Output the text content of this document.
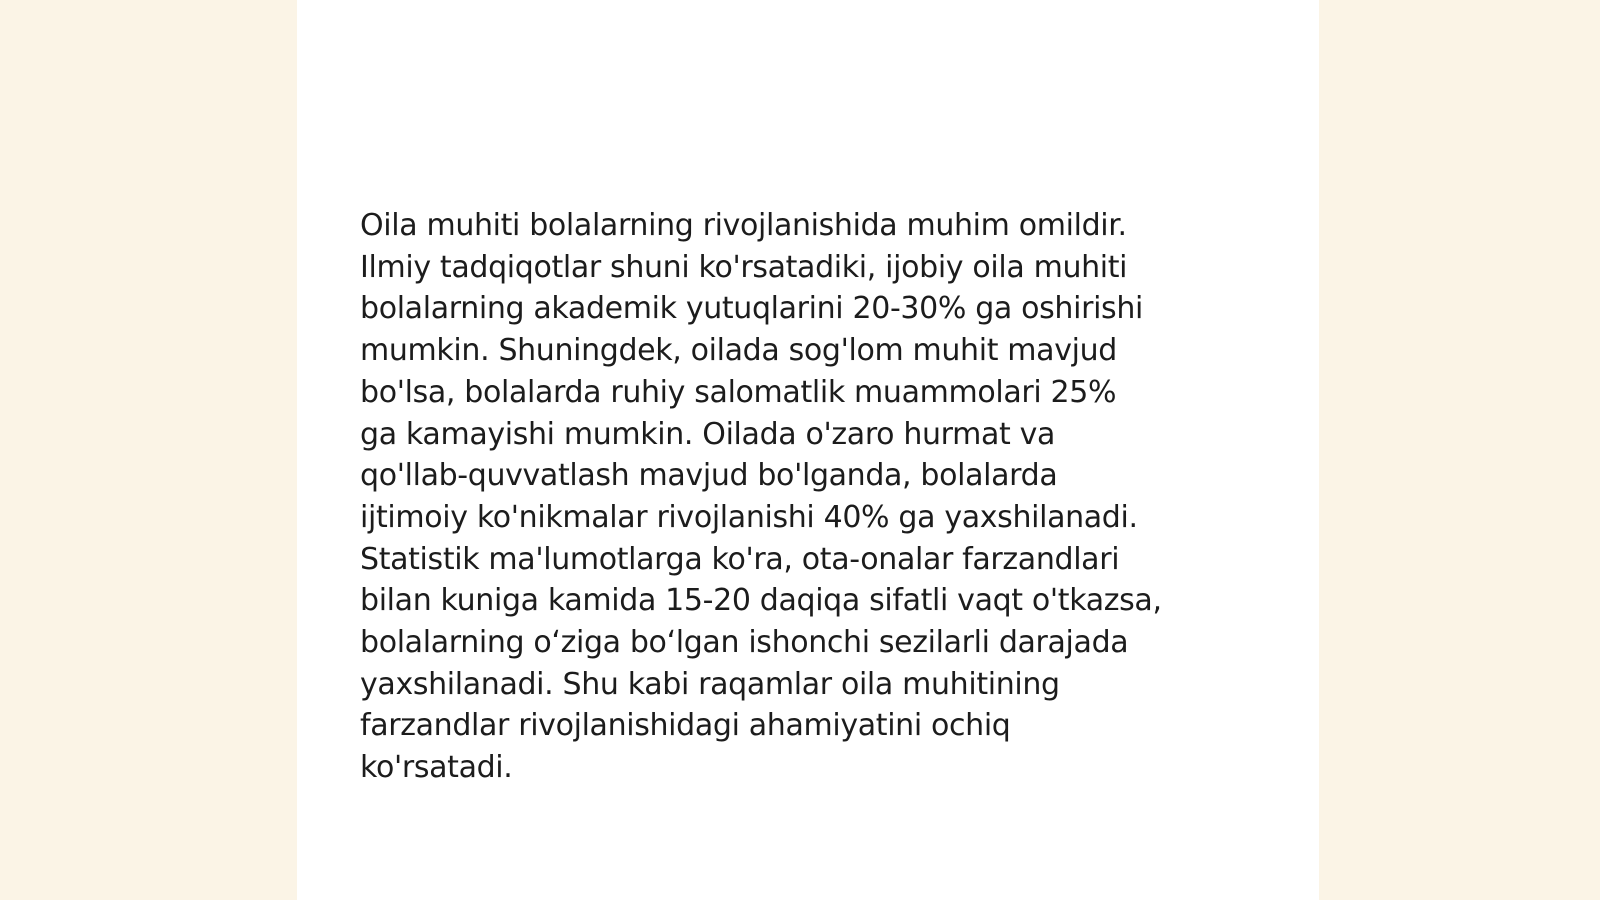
Oila muhiti bolalarning rivojlanishida muhim omildir.
Ilmiy tadqiqotlar shuni ko'rsatadiki, ijobiy oila muhiti
bolalarning akademik yutuqlarini 20-30% ga oshirishi
mumkin. Shuningdek, oilada sog'lom muhit mavjud
bo'lsa, bolalarda ruhiy salomatlik muammolari 25%
ga kamayishi mumkin. Oilada o'zaro hurmat va
qo'llab-quvvatlash mavjud bo'lganda, bolalarda
ijtimoiy ko'nikmalar rivojlanishi 40% ga yaxshilanadi.
Statistik ma'lumotlarga ko'ra, ota-onalar farzandlari
bilan kuniga kamida 15-20 daqiqa sifatli vaqt o'tkazsa,
bolalarning o‘ziga bo‘lgan ishonchi sezilarli darajada
yaxshilanadi. Shu kabi raqamlar oila muhitining
farzandlar rivojlanishidagi ahamiyatini ochiq
ko'rsatadi.
